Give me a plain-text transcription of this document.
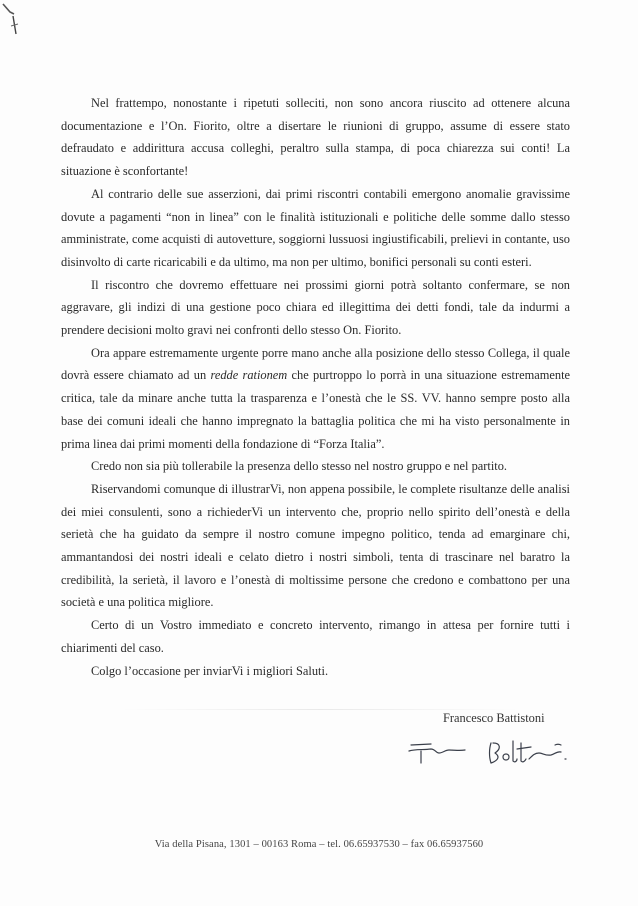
Nel frattempo, nonostante i ripetuti solleciti, non sono ancora riuscito ad ottenere alcuna documentazione e l’On. Fiorito, oltre a disertare le riunioni di gruppo, assume di essere stato defraudato e addirittura accusa colleghi, peraltro sulla stampa, di poca chiarezza sui conti! La situazione è sconfortante!

Al contrario delle sue asserzioni, dai primi riscontri contabili emergono anomalie gravissime dovute a pagamenti “non in linea” con le finalità istituzionali e politiche delle somme dallo stesso amministrate, come acquisti di autovetture, soggiorni lussuosi ingiustificabili, prelievi in contante, uso disinvolto di carte ricaricabili e da ultimo, ma non per ultimo, bonifici personali su conti esteri.

Il riscontro che dovremo effettuare nei prossimi giorni potrà soltanto confermare, se non aggravare, gli indizi di una gestione poco chiara ed illegittima dei detti fondi, tale da indurmi a prendere decisioni molto gravi nei confronti dello stesso On. Fiorito.

Ora appare estremamente urgente porre mano anche alla posizione dello stesso Collega, il quale dovrà essere chiamato ad un redde rationem che purtroppo lo porrà in una situazione estremamente critica, tale da minare anche tutta la trasparenza e l’onestà che le SS. VV. hanno sempre posto alla base dei comuni ideali che hanno impregnato la battaglia politica che mi ha visto personalmente in prima linea dai primi momenti della fondazione di “Forza Italia”.

Credo non sia più tollerabile la presenza dello stesso nel nostro gruppo e nel partito.

Riservandomi comunque di illustrarVi, non appena possibile, le complete risultanze delle analisi dei miei consulenti, sono a richiederVi un intervento che, proprio nello spirito dell’onestà e della serietà che ha guidato da sempre il nostro comune impegno politico, tenda ad emarginare chi, ammantandosi dei nostri ideali e celato dietro i nostri simboli, tenta di trascinare nel baratro la credibilità, la serietà, il lavoro e l’onestà di moltissime persone che credono e combattono per una società e una politica migliore.

Certo di un Vostro immediato e concreto intervento, rimango in attesa per fornire tutti i chiarimenti del caso.

Colgo l’occasione per inviarVi i migliori Saluti.

Francesco Battistoni
Via della Pisana, 1301 – 00163 Roma – tel. 06.65937530 – fax 06.65937560
